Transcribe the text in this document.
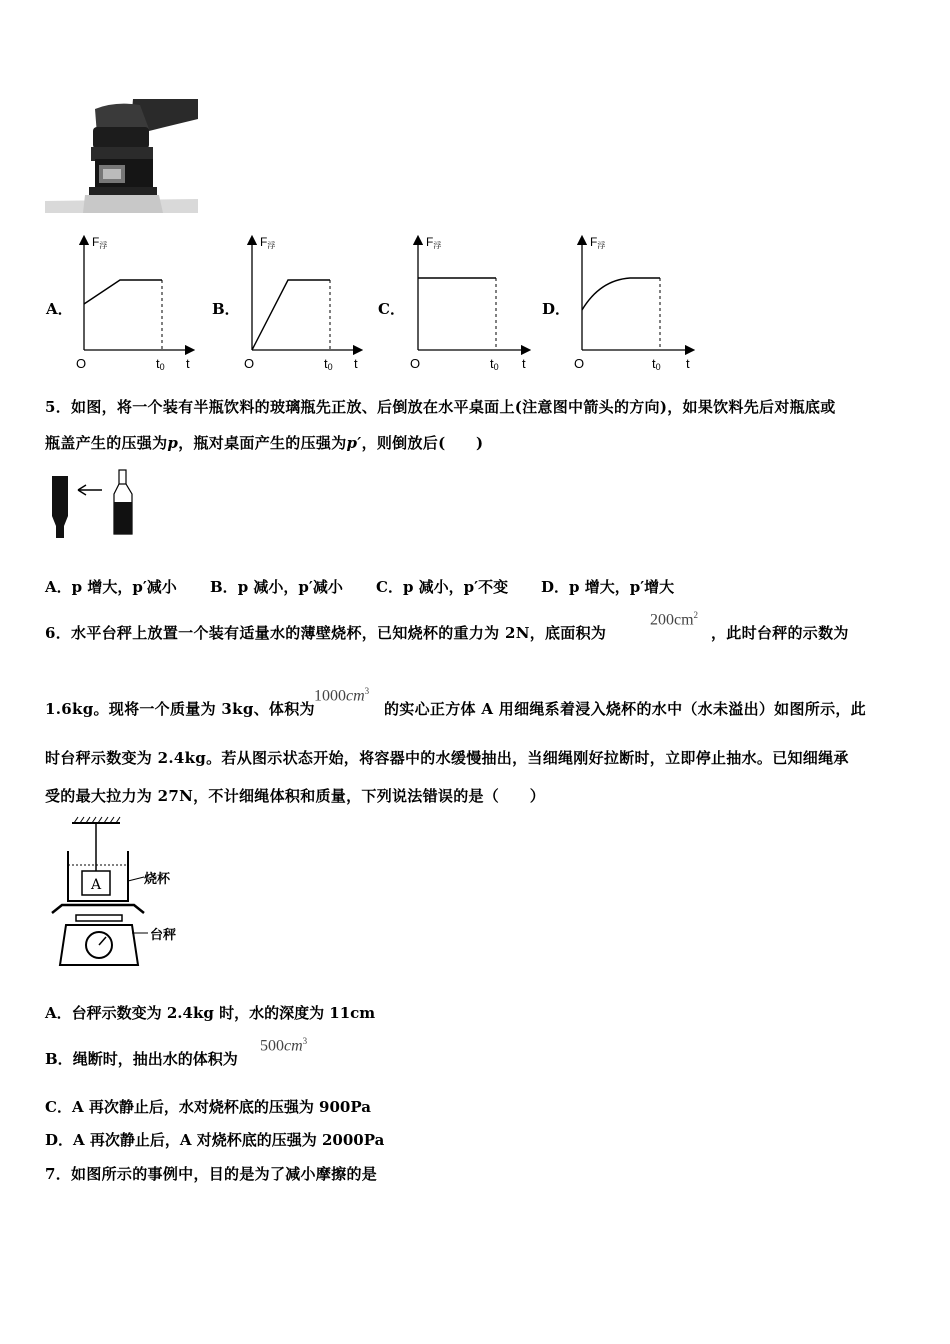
A．
F浮
O	t0 t
B．
F浮
O	t0 t
C．
F浮
O	t0 t
D．
F浮
O	t0 t
5．如图，将一个装有半瓶饮料的玻璃瓶先正放、后倒放在水平桌面上(注意图中箭头的方向)，如果饮料先后对瓶底或
瓶盖产生的压强为p，瓶对桌面产生的压强为p′，则倒放后(　　)
A．p 增大，p′减小 B．p 减小，p′减小 C．p 减小，p′不变 D．p 增大，p′增大
6．水平台秤上放置一个装有适量水的薄壁烧杯，已知烧杯的重力为 2N，底面积为
$200cm^2$
，此时台秤的示数为
1.6kg。现将一个质量为 3kg、体积为
$1000cm^3$
的实心正方体 A 用细绳系着浸入烧杯的水中（水未溢出）如图所示，此
时台秤示数变为 2.4kg。若从图示状态开始，将容器中的水缓慢抽出，当细绳刚好拉断时，立即停止抽水。已知细绳承
受的最大拉力为 27N，不计细绳体积和质量，下列说法错误的是（　　）
A	烧杯
台秤
A．台秤示数变为 2.4kg 时，水的深度为 11cm
B．绳断时，抽出水的体积为
$500cm^3$
C．A 再次静止后，水对烧杯底的压强为 900Pa
D．A 再次静止后，A 对烧杯底的压强为 2000Pa
7．如图所示的事例中，目的是为了减小摩擦的是
